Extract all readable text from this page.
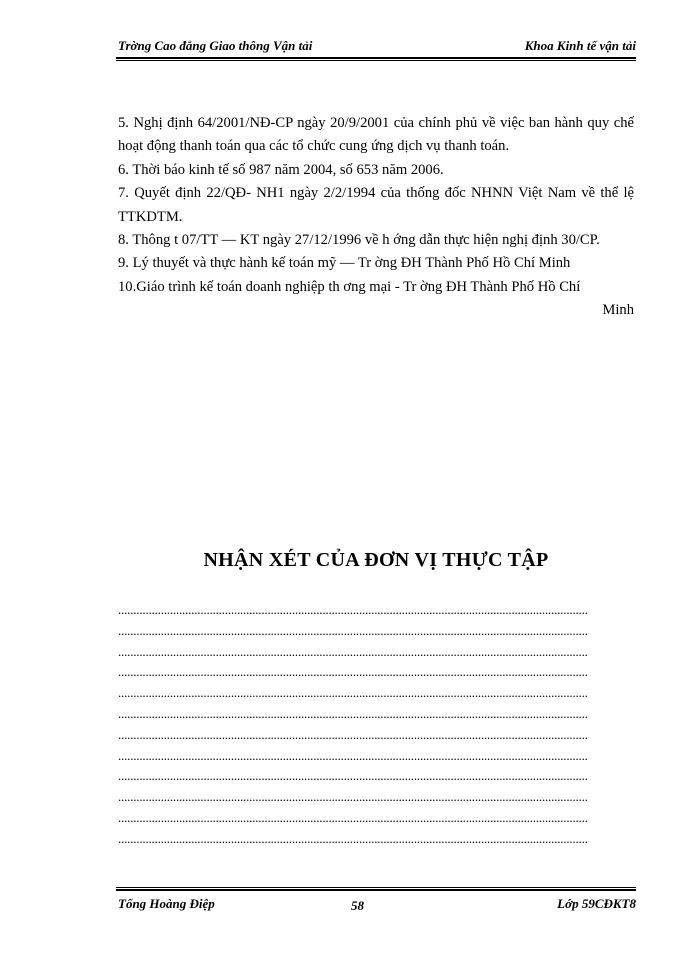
Trờng Cao đẳng Giao thông Vận tải	Khoa Kinh tế vận tải

5. Nghị định 64/2001/NĐ-CP ngày 20/9/2001 của chính phủ về việc ban hành quy chế hoạt động thanh toán qua các tổ chức cung ứng dịch vụ thanh toán.

6. Thời báo kinh tế số 987 năm 2004, số 653 năm 2006.

7. Quyết định 22/QĐ- NH1 ngày 2/2/1994 của thống đốc NHNN Việt Nam về thể lệ TTKDTM.

8. Thông t 07/TT — KT ngày 27/12/1996 về h ớng dẫn thực hiện nghị định 30/CP.

9. Lý thuyết và thực hành kế toán mỹ — Tr ờng ĐH Thành Phố Hồ Chí Minh

10.Giáo trình kế toán doanh nghiệp th ơng mại - Tr ờng ĐH Thành Phố Hồ Chí

Minh
NHẬN XÉT CỦA ĐƠN VỊ THỰC TẬP
..........................................................................................................................................................
..........................................................................................................................................................
..........................................................................................................................................................
..........................................................................................................................................................
..........................................................................................................................................................
..........................................................................................................................................................
..........................................................................................................................................................
..........................................................................................................................................................
..........................................................................................................................................................
..........................................................................................................................................................
..........................................................................................................................................................
..........................................................................................................................................................
Tống Hoàng Điệp	58	Lớp 59CĐKT8
